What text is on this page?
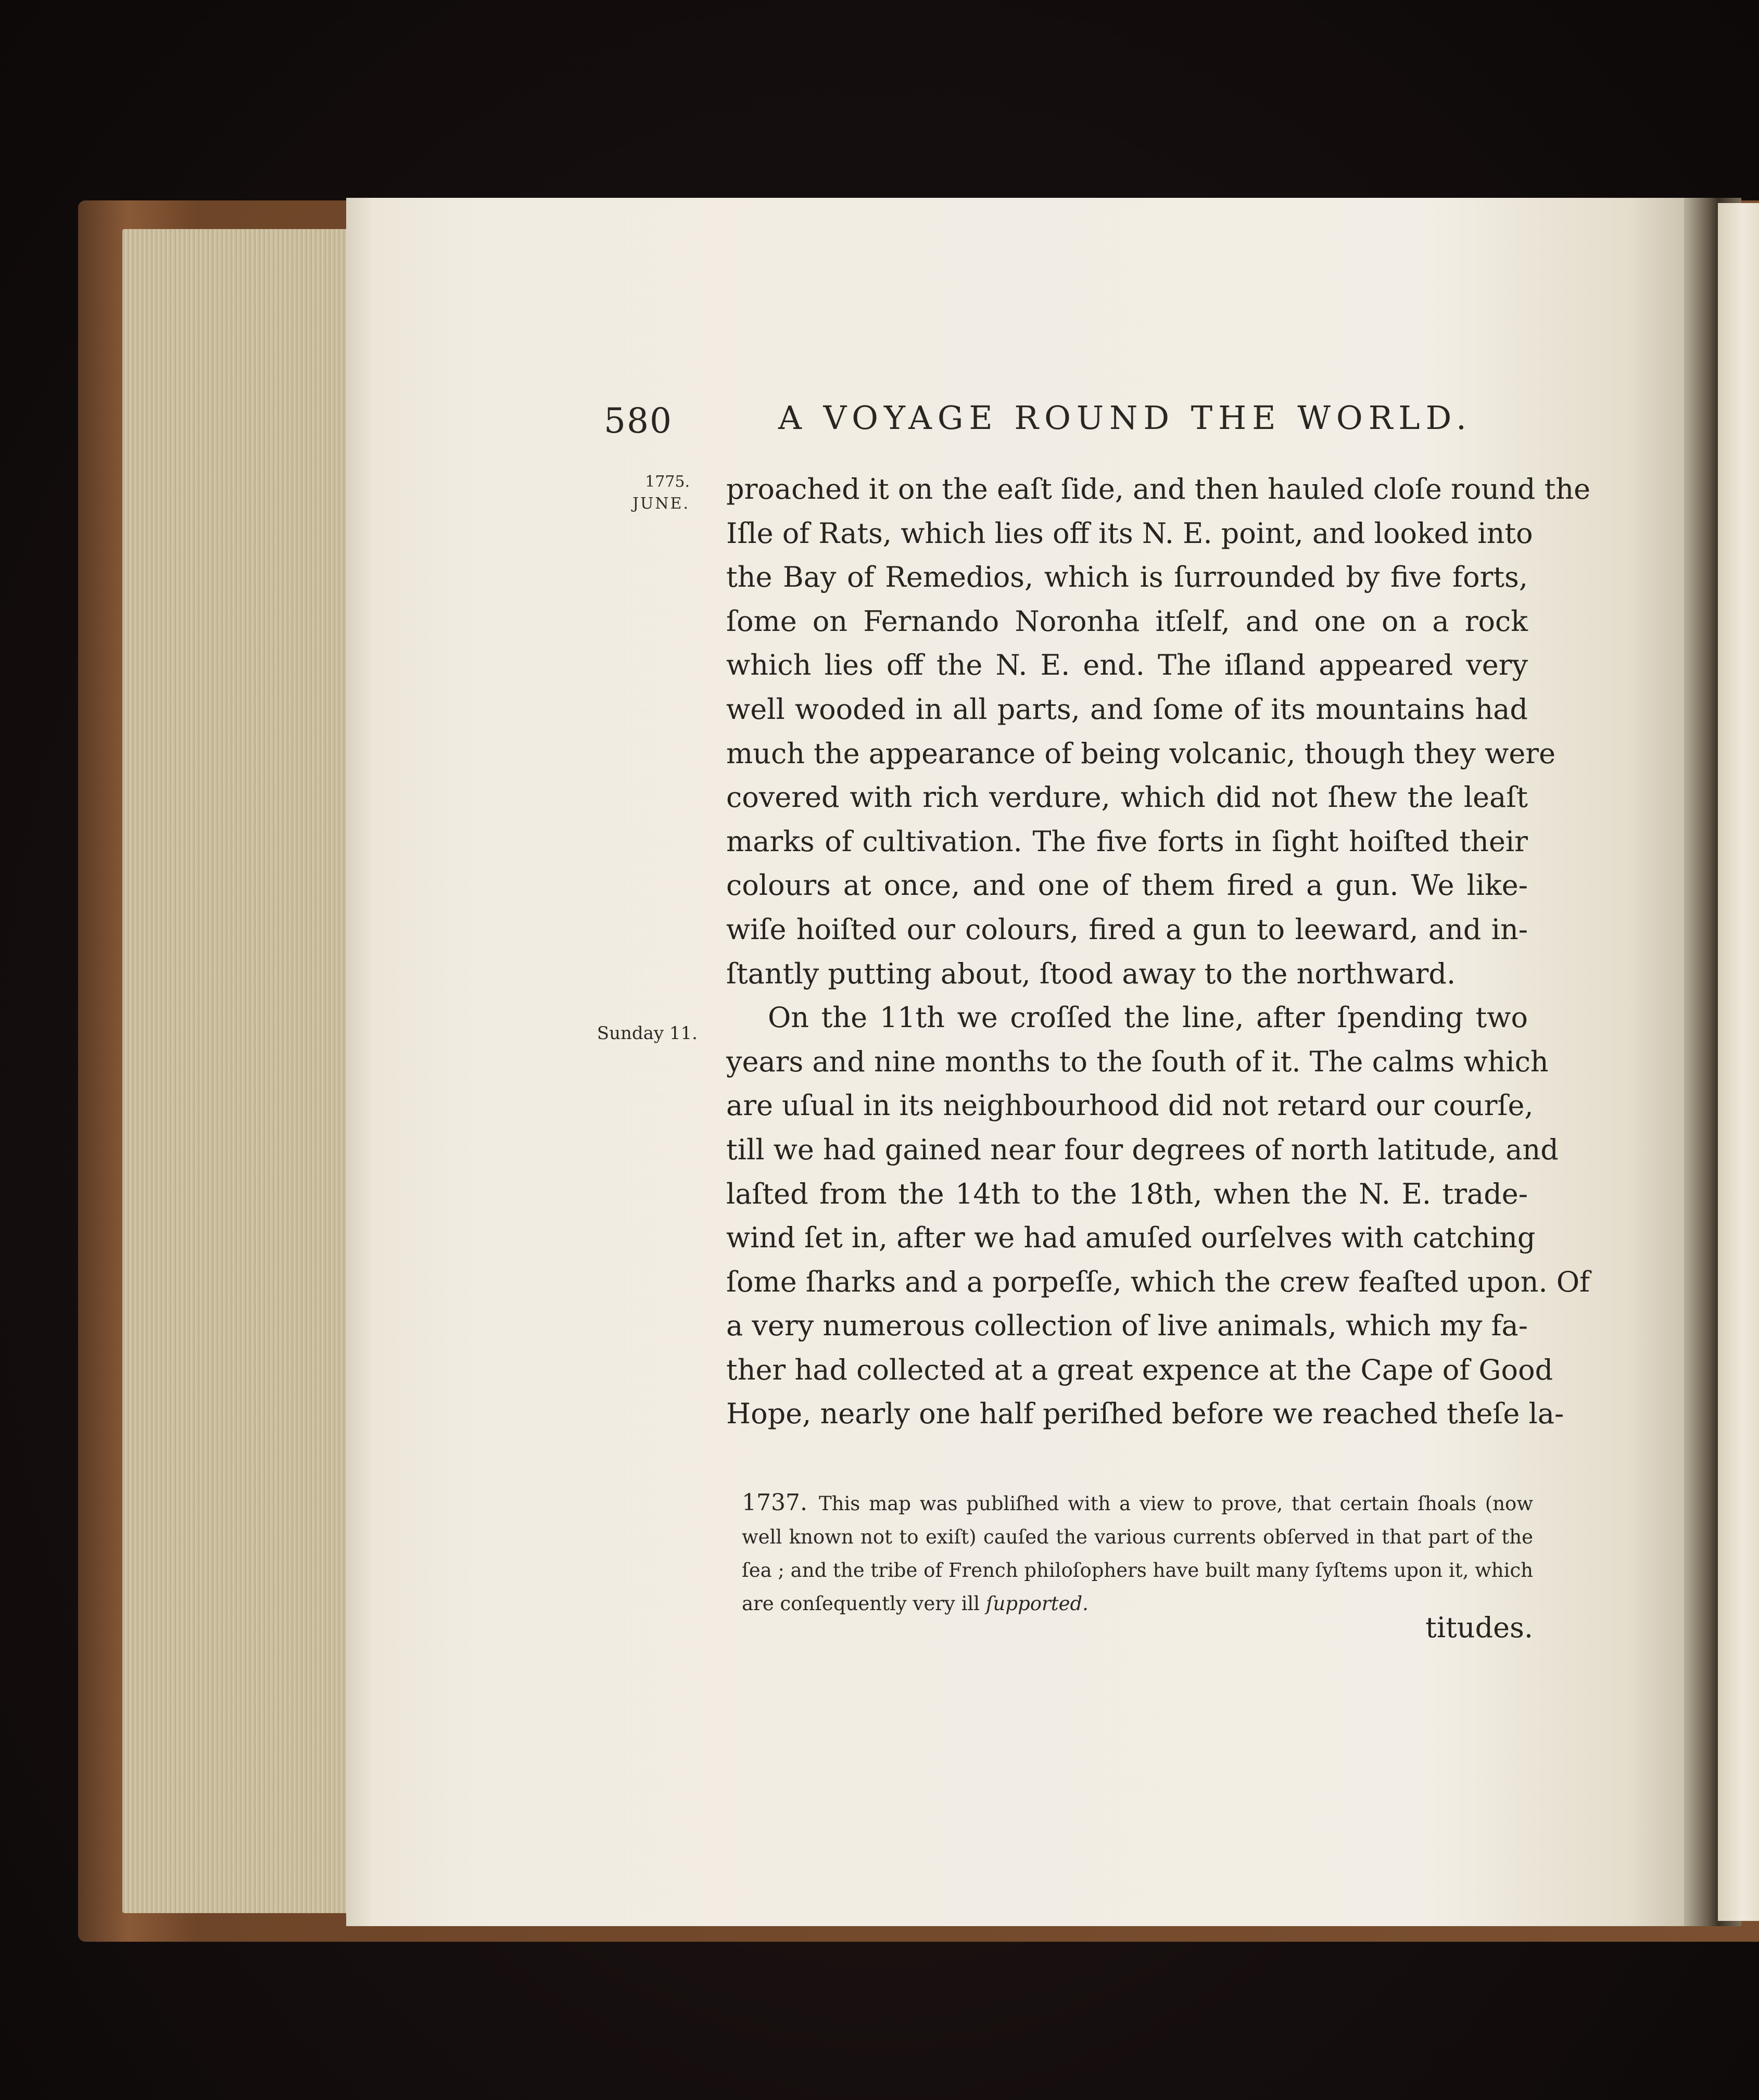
580	A VOYAGE ROUND THE WORLD.
1775.
JUNE.
Sunday 11.
proached it on the eaſt ſide, and then hauled cloſe round the
Iſle of Rats, which lies off its N. E. point, and looked into
the Bay of Remedios, which is ſurrounded by five forts,
ſome on Fernando Noronha itſelf, and one on a rock
which lies off the N. E. end. The iſland appeared very
well wooded in all parts, and ſome of its mountains had
much the appearance of being volcanic, though they were
covered with rich verdure, which did not ſhew the leaſt
marks of cultivation. The five forts in ſight hoiſted their
colours at once, and one of them fired a gun. We like-
wiſe hoiſted our colours, fired a gun to leeward, and in-
ſtantly putting about, ſtood away to the northward.
On the 11th we croſſed the line, after ſpending two
years and nine months to the ſouth of it. The calms which
are uſual in its neighbourhood did not retard our courſe,
till we had gained near four degrees of north latitude, and
laſted from the 14th to the 18th, when the N. E. trade-
wind ſet in, after we had amuſed ourſelves with catching
ſome ſharks and a porpeſſe, which the crew feaſted upon. Of
a very numerous collection of live animals, which my fa-
ther had collected at a great expence at the Cape of Good
Hope, nearly one half periſhed before we reached theſe la-
1737. This map was publiſhed with a view to prove, that certain ſhoals (now
well known not to exiſt) cauſed the various currents obſerved in that part of the
ſea ; and the tribe of French philoſophers have built many ſyſtems upon it, which
are conſequently very ill ſupported.
titudes.
